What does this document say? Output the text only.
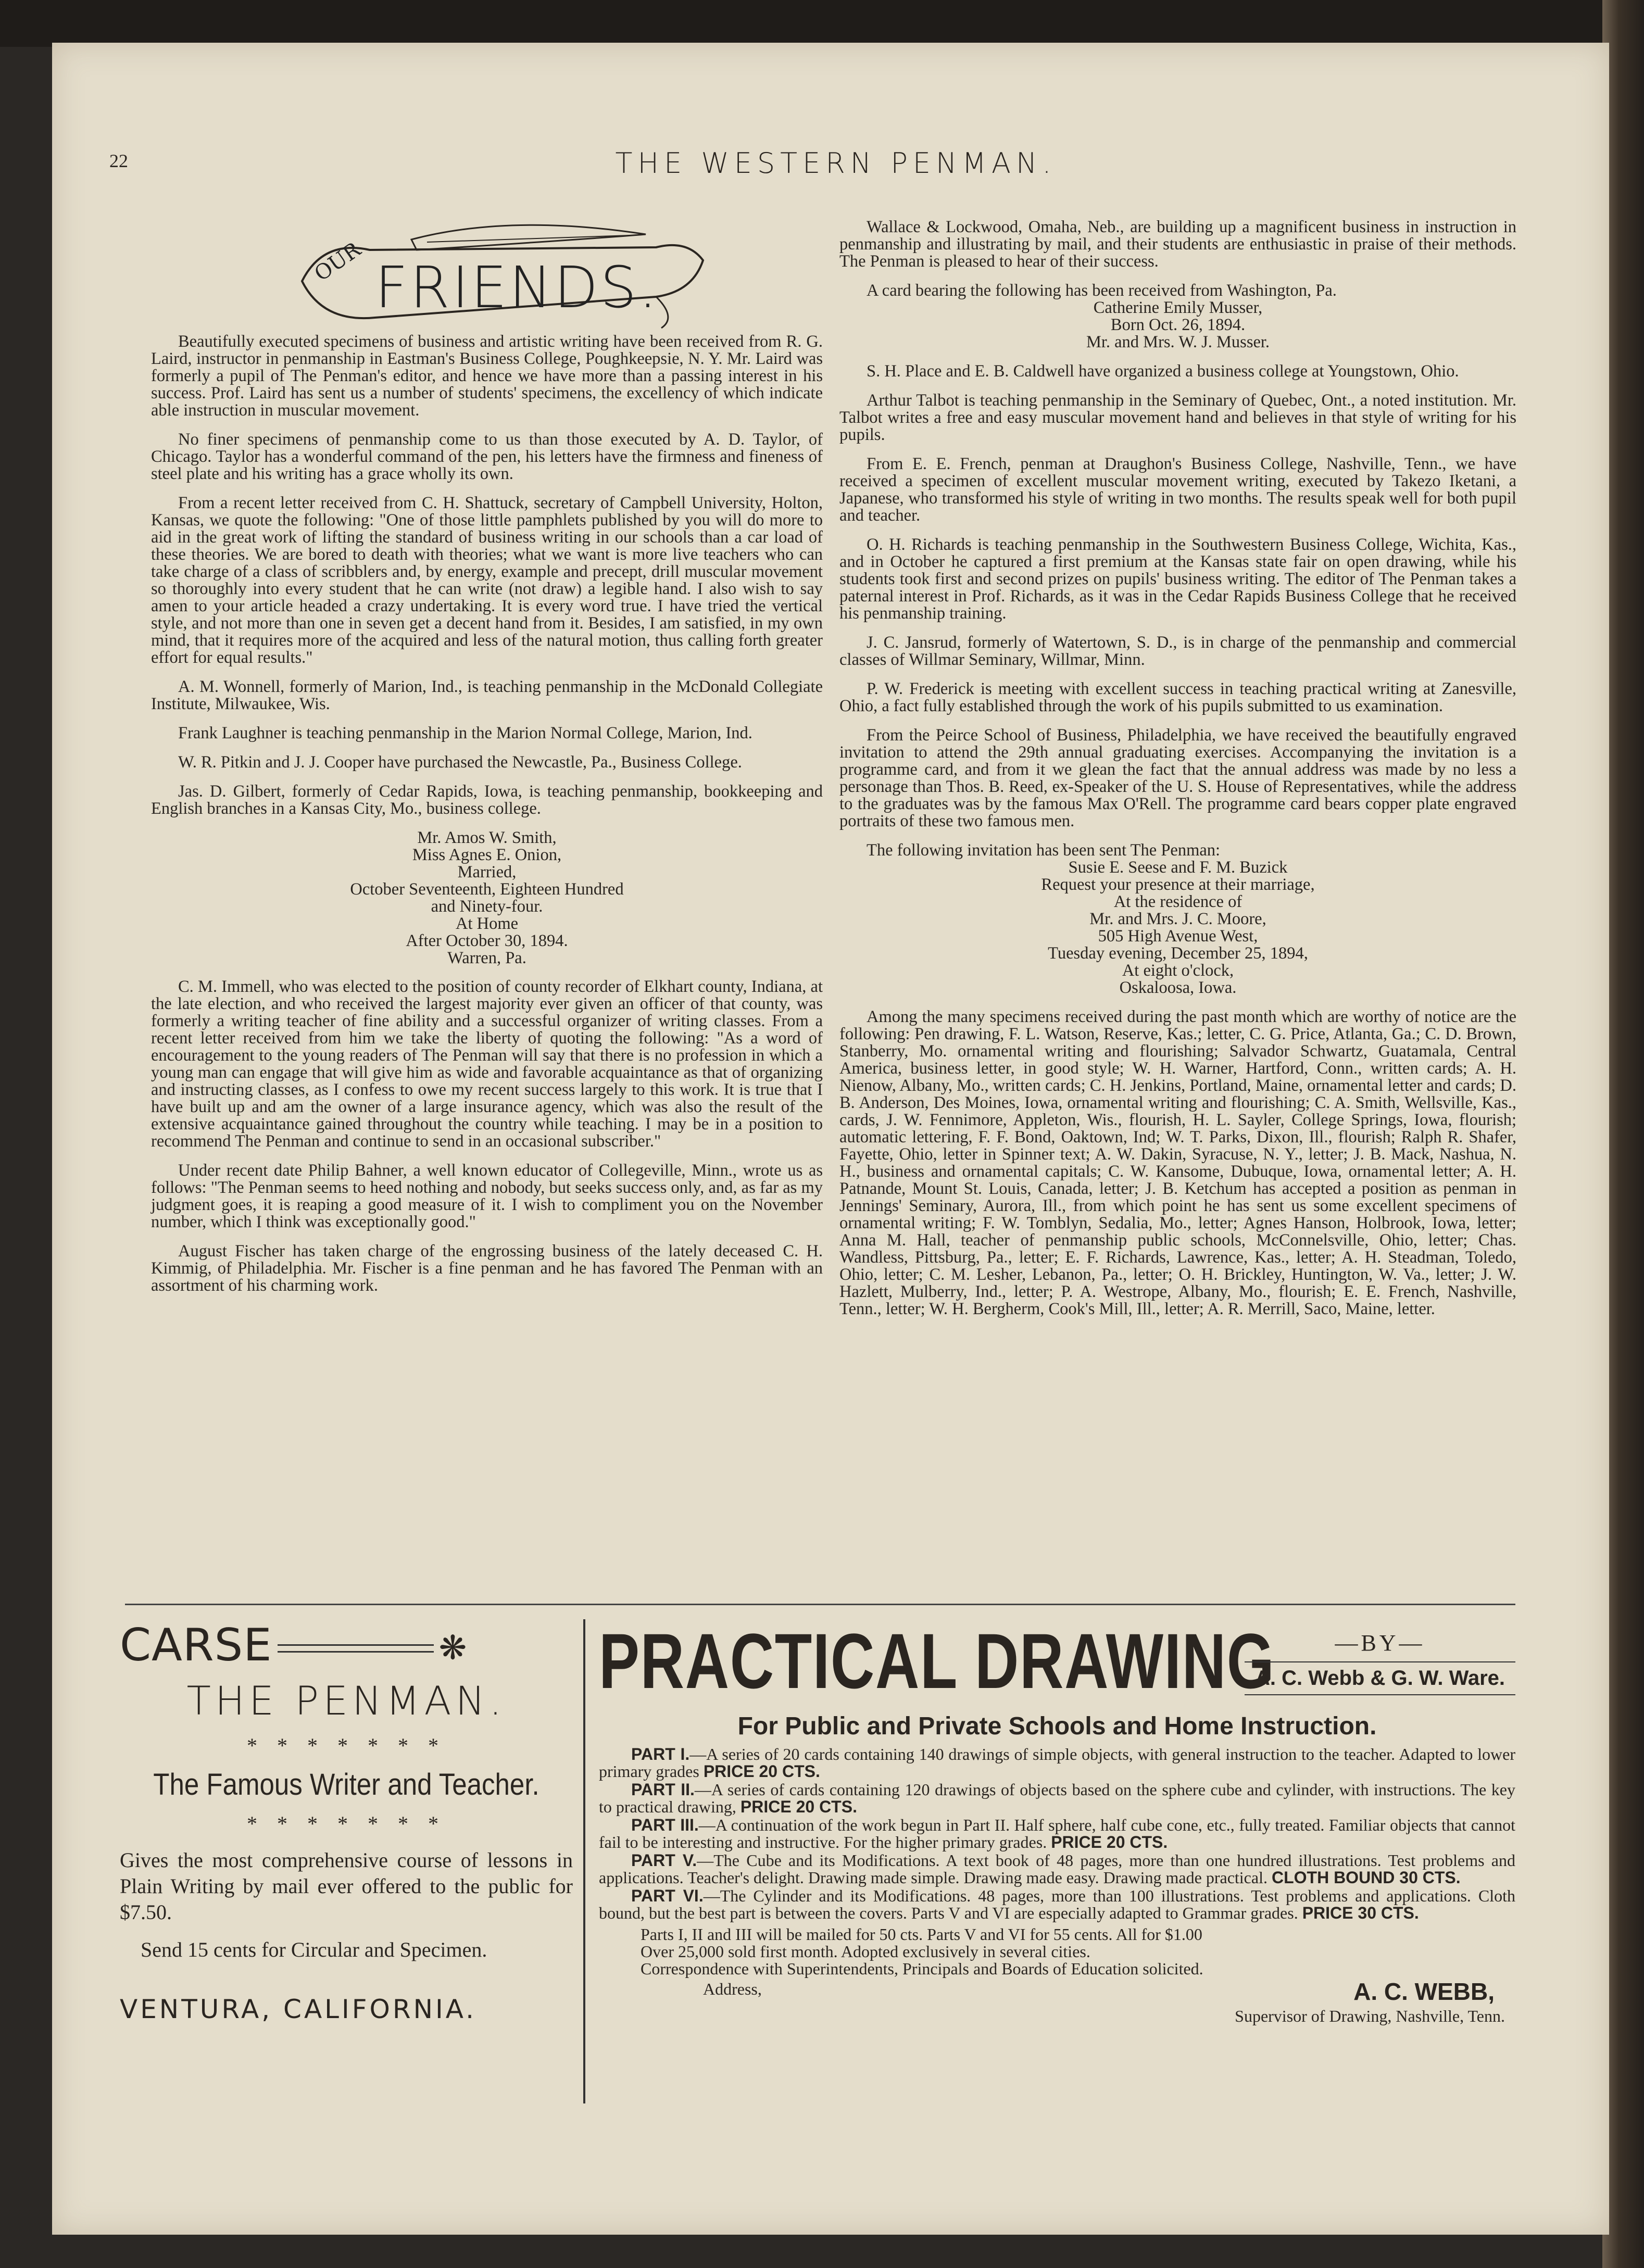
22	THE WESTERN PENMAN.
OUR FRIENDS.

Beautifully executed specimens of business and artistic writing have been received from R. G. Laird, instructor in penmanship in Eastman's Business College, Poughkeepsie, N. Y. Mr. Laird was formerly a pupil of The Penman's editor, and hence we have more than a passing interest in his success. Prof. Laird has sent us a number of students' specimens, the excellency of which indicate able instruction in muscular movement.

No finer specimens of penmanship come to us than those executed by A. D. Taylor, of Chicago. Taylor has a wonderful command of the pen, his letters have the firmness and fineness of steel plate and his writing has a grace wholly its own.

From a recent letter received from C. H. Shattuck, secretary of Campbell University, Holton, Kansas, we quote the following: "One of those little pamphlets published by you will do more to aid in the great work of lifting the standard of business writing in our schools than a car load of these theories. We are bored to death with theories; what we want is more live teachers who can take charge of a class of scribblers and, by energy, example and precept, drill muscular movement so thoroughly into every student that he can write (not draw) a legible hand. I also wish to say amen to your article headed a crazy undertaking. It is every word true. I have tried the vertical style, and not more than one in seven get a decent hand from it. Besides, I am satisfied, in my own mind, that it requires more of the acquired and less of the natural motion, thus calling forth greater effort for equal results."

A. M. Wonnell, formerly of Marion, Ind., is teaching penmanship in the McDonald Collegiate Institute, Milwaukee, Wis.

Frank Laughner is teaching penmanship in the Marion Normal College, Marion, Ind.

W. R. Pitkin and J. J. Cooper have purchased the Newcastle, Pa., Business College.

Jas. D. Gilbert, formerly of Cedar Rapids, Iowa, is teaching penmanship, bookkeeping and English branches in a Kansas City, Mo., business college.

Mr. Amos W. Smith,

Miss Agnes E. Onion,

Married,

October Seventeenth, Eighteen Hundred

and Ninety-four.

At Home

After October 30, 1894.

Warren, Pa.

C. M. Immell, who was elected to the position of county recorder of Elkhart county, Indiana, at the late election, and who received the largest majority ever given an officer of that county, was formerly a writing teacher of fine ability and a successful organizer of writing classes. From a recent letter received from him we take the liberty of quoting the following: "As a word of encouragement to the young readers of The Penman will say that there is no profession in which a young man can engage that will give him as wide and favorable acquaintance as that of organizing and instructing classes, as I confess to owe my recent success largely to this work. It is true that I have built up and am the owner of a large insurance agency, which was also the result of the extensive acquaintance gained throughout the country while teaching. I may be in a position to recommend The Penman and continue to send in an occasional subscriber."

Under recent date Philip Bahner, a well known educator of Collegeville, Minn., wrote us as follows: "The Penman seems to heed nothing and nobody, but seeks success only, and, as far as my judgment goes, it is reaping a good measure of it. I wish to compliment you on the November number, which I think was exceptionally good."

August Fischer has taken charge of the engrossing business of the lately deceased C. H. Kimmig, of Philadelphia. Mr. Fischer is a fine penman and he has favored The Penman with an assortment of his charming work.

Wallace & Lockwood, Omaha, Neb., are building up a magnificent business in instruction in penmanship and illustrating by mail, and their students are enthusiastic in praise of their methods. The Penman is pleased to hear of their success.

A card bearing the following has been received from Washington, Pa.

Catherine Emily Musser,

Born Oct. 26, 1894.

Mr. and Mrs. W. J. Musser.

S. H. Place and E. B. Caldwell have organized a business college at Youngstown, Ohio.

Arthur Talbot is teaching penmanship in the Seminary of Quebec, Ont., a noted institution. Mr. Talbot writes a free and easy muscular movement hand and believes in that style of writing for his pupils.

From E. E. French, penman at Draughon's Business College, Nashville, Tenn., we have received a specimen of excellent muscular movement writing, executed by Takezo Iketani, a Japanese, who transformed his style of writing in two months. The results speak well for both pupil and teacher.

O. H. Richards is teaching penmanship in the Southwestern Business College, Wichita, Kas., and in October he captured a first premium at the Kansas state fair on open drawing, while his students took first and second prizes on pupils' business writing. The editor of The Penman takes a paternal interest in Prof. Richards, as it was in the Cedar Rapids Business College that he received his penmanship training.

J. C. Jansrud, formerly of Watertown, S. D., is in charge of the penmanship and commercial classes of Willmar Seminary, Willmar, Minn.

P. W. Frederick is meeting with excellent success in teaching practical writing at Zanesville, Ohio, a fact fully established through the work of his pupils submitted to us examination.

From the Peirce School of Business, Philadelphia, we have received the beautifully engraved invitation to attend the 29th annual graduating exercises. Accompanying the invitation is a programme card, and from it we glean the fact that the annual address was made by no less a personage than Thos. B. Reed, ex-Speaker of the U. S. House of Representatives, while the address to the graduates was by the famous Max O'Rell. The programme card bears copper plate engraved portraits of these two famous men.

The following invitation has been sent The Penman:

Susie E. Seese and F. M. Buzick

Request your presence at their marriage,

At the residence of

Mr. and Mrs. J. C. Moore,

505 High Avenue West,

Tuesday evening, December 25, 1894,

At eight o'clock,

Oskaloosa, Iowa.

Among the many specimens received during the past month which are worthy of notice are the following: Pen drawing, F. L. Watson, Reserve, Kas.; letter, C. G. Price, Atlanta, Ga.; C. D. Brown, Stanberry, Mo. ornamental writing and flourishing; Salvador Schwartz, Guatamala, Central America, business letter, in good style; W. H. Warner, Hartford, Conn., written cards; A. H. Nienow, Albany, Mo., written cards; C. H. Jenkins, Portland, Maine, ornamental letter and cards; D. B. Anderson, Des Moines, Iowa, ornamental writing and flourishing; C. A. Smith, Wellsville, Kas., cards, J. W. Fennimore, Appleton, Wis., flourish, H. L. Sayler, College Springs, Iowa, flourish; automatic lettering, F. F. Bond, Oaktown, Ind; W. T. Parks, Dixon, Ill., flourish; Ralph R. Shafer, Fayette, Ohio, letter in Spinner text; A. W. Dakin, Syracuse, N. Y., letter; J. B. Mack, Nashua, N. H., business and ornamental capitals; C. W. Kansome, Dubuque, Iowa, ornamental letter; A. H. Patnande, Mount St. Louis, Canada, letter; J. B. Ketchum has accepted a position as penman in Jennings' Seminary, Aurora, Ill., from which point he has sent us some excellent specimens of ornamental writing; F. W. Tomblyn, Sedalia, Mo., letter; Agnes Hanson, Holbrook, Iowa, letter; Anna M. Hall, teacher of penmanship public schools, McConnelsville, Ohio, letter; Chas. Wandless, Pittsburg, Pa., letter; E. F. Richards, Lawrence, Kas., letter; A. H. Steadman, Toledo, Ohio, letter; C. M. Lesher, Lebanon, Pa., letter; O. H. Brickley, Huntington, W. Va., letter; J. W. Hazlett, Mulberry, Ind., letter; P. A. Westrope, Albany, Mo., flourish; E. E. French, Nashville, Tenn., letter; W. H. Bergherm, Cook's Mill, Ill., letter; A. R. Merrill, Saco, Maine, letter.

CARSE	❋
THE PENMAN.
* * * * * * *
The Famous Writer and Teacher.
* * * * * * *
Gives the most comprehensive course of lessons in Plain Writing by mail ever offered to the public for $7.50.
Send 15 cents for Circular and Specimen.
VENTURA, CALIFORNIA.
PRACTICAL DRAWING	—BY—
A. C. Webb & G. W. Ware.
For Public and Private Schools and Home Instruction.

PART I.—A series of 20 cards containing 140 drawings of simple objects, with general instruction to the teacher. Adapted to lower primary grades PRICE 20 CTS.

PART II.—A series of cards containing 120 drawings of objects based on the sphere cube and cylinder, with instructions. The key to practical drawing, PRICE 20 CTS.

PART III.—A continuation of the work begun in Part II. Half sphere, half cube cone, etc., fully treated. Familiar objects that cannot fail to be interesting and instructive. For the higher primary grades. PRICE 20 CTS.

PART V.—The Cube and its Modifications. A text book of 48 pages, more than one hundred illustrations. Test problems and applications. Teacher's delight. Drawing made simple. Drawing made easy. Drawing made practical. CLOTH BOUND 30 CTS.

PART VI.—The Cylinder and its Modifications. 48 pages, more than 100 illustrations. Test problems and applications. Cloth bound, but the best part is between the covers. Parts V and VI are especially adapted to Grammar grades. PRICE 30 CTS.

Parts I, II and III will be mailed for 50 cts. Parts V and VI for 55 cents. All for $1.00
Over 25,000 sold first month. Adopted exclusively in several cities.
Correspondence with Superintendents, Principals and Boards of Education solicited.
Address,	A. C. WEBB,
Supervisor of Drawing, Nashville, Tenn.
